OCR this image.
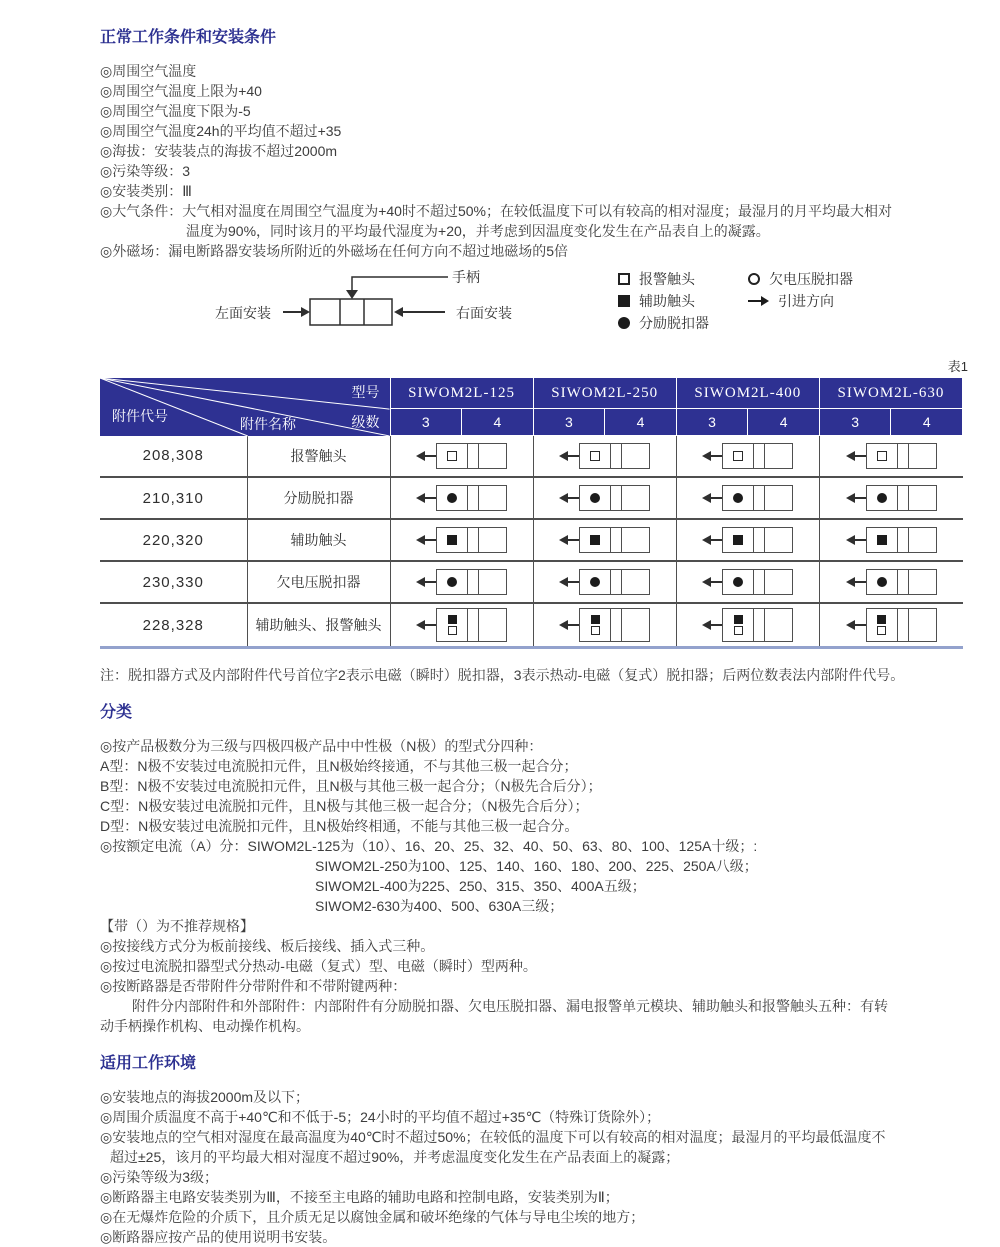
正常工作条件和安装条件
◎周围空气温度
◎周围空气温度上限为+40
◎周围空气温度下限为-5
◎周围空气温度24h的平均值不超过+35
◎海拔：安装装点的海拔不超过2000m
◎污染等级：3
◎安装类别：Ⅲ
◎大气条件：大气相对温度在周围空气温度为+40时不超过50%；在较低温度下可以有较高的相对湿度；最湿月的月平均最大相对
温度为90%，同时该月的平均最代湿度为+20，并考虑到因温度变化发生在产品表自上的凝露。
◎外磁场：漏电断路器安装场所附近的外磁场在任何方向不超过地磁场的5倍
手柄
左面安装	右面安装
报警触头
辅助触头
分励脱扣器
欠电压脱扣器
引进方向
表1
型号
级数
附件名称
附件代号		SIWOM2L-125		SIWOM2L-250		SIWOM2L-400		SIWOM2L-630	
		3	4	3	4	3	4	3	4
208,308	报警触头					

210,310	分励脱扣器					

220,320	辅助触头					

230,330	欠电压脱扣器					

228,328	辅助触头、报警触头					

注：脱扣器方式及内部附件代号首位字2表示电磁（瞬时）脱扣器，3表示热动-电磁（复式）脱扣器；后两位数表法内部附件代号。
分类
◎按产品极数分为三级与四极四极产品中中性极（N极）的型式分四种：
A型：N极不安装过电流脱扣元件，且N极始终接通，不与其他三极一起合分；
B型：N极不安装过电流脱扣元件，且N极与其他三极一起合分；（N极先合后分）；
C型：N极安装过电流脱扣元件，且N极与其他三极一起合分；（N极先合后分）；
D型：N极安装过电流脱扣元件，且N极始终相通，不能与其他三极一起合分。
◎按额定电流（A）分：SIWOM2L-125为（10）、16、20、25、32、40、50、63、80、100、125A十级；:
SIWOM2L-250为100、125、140、160、180、200、225、250A八级；
SIWOM2L-400为225、250、315、350、400A五级；
SIWOM2-630为400、500、630A三级；
【带（）为不推荐规格】
◎按接线方式分为板前接线、板后接线、插入式三种。
◎按过电流脱扣器型式分热动-电磁（复式）型、电磁（瞬时）型两种。
◎按断路器是否带附件分带附件和不带附键两种：
附件分内部附件和外部附件：内部附件有分励脱扣器、欠电压脱扣器、漏电报警单元模块、辅助触头和报警触头五种：有转
动手柄操作机构、电动操作机构。
适用工作环境
◎安装地点的海拔2000m及以下；
◎周围介质温度不高于+40℃和不低于-5；24小时的平均值不超过+35℃（特殊订货除外）；
◎安装地点的空气相对湿度在最高温度为40℃时不超过50%；在较低的温度下可以有较高的相对温度；最湿月的平均最低温度不
超过±25，该月的平均最大相对湿度不超过90%，并考虑温度变化发生在产品表面上的凝露；
◎污染等级为3级；
◎断路器主电路安装类别为Ⅲ，不接至主电路的辅助电路和控制电路，安装类别为Ⅱ；
◎在无爆炸危险的介质下，且介质无足以腐蚀金属和破坏绝缘的气体与导电尘埃的地方；
◎断路器应按产品的使用说明书安装。
